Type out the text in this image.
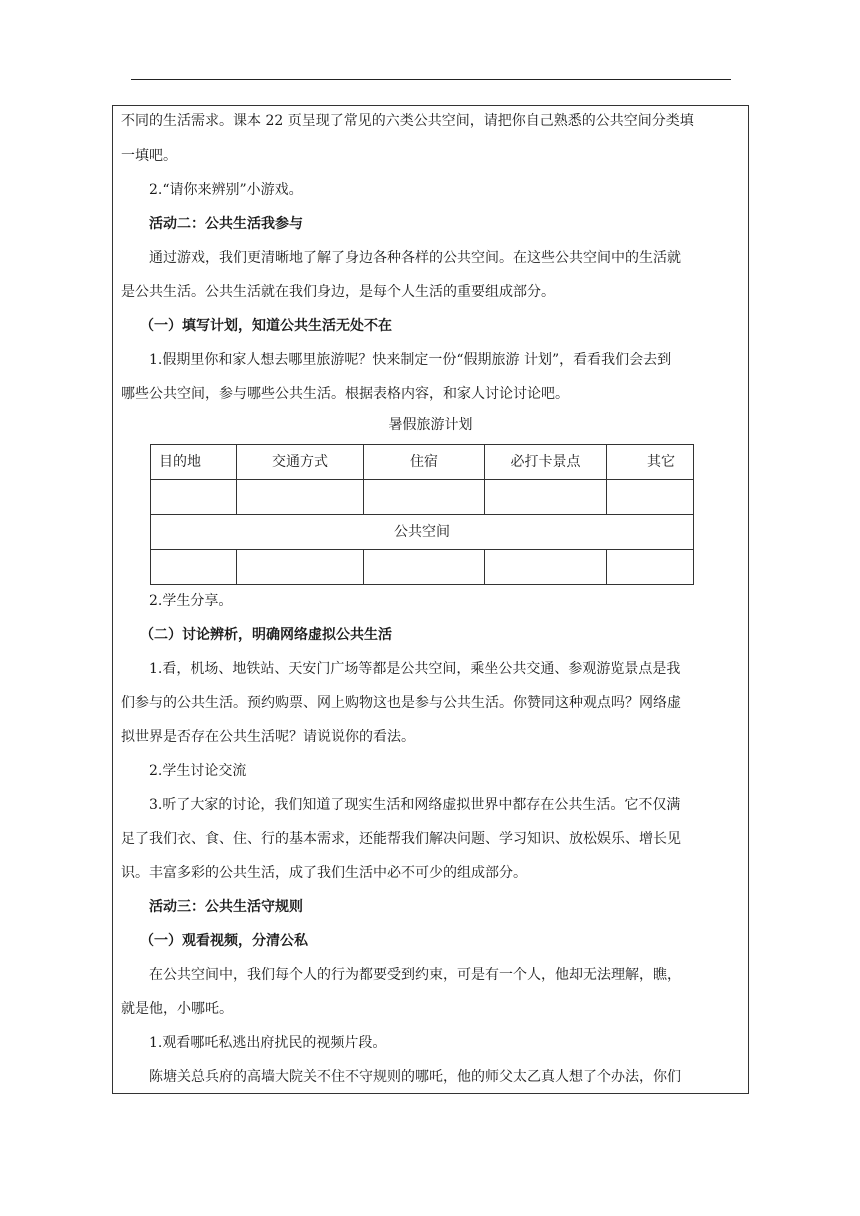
不同的生活需求。课本 22 页呈现了常见的六类公共空间，请把你自己熟悉的公共空间分类填
一填吧。
2.“请你来辨别”小游戏。
活动二：公共生活我参与
通过游戏，我们更清晰地了解了身边各种各样的公共空间。在这些公共空间中的生活就
是公共生活。公共生活就在我们身边，是每个人生活的重要组成部分。
（一）填写计划，知道公共生活无处不在
1.假期里你和家人想去哪里旅游呢？快来制定一份“假期旅游 计划”，看看我们会去到
哪些公共空间，参与哪些公共生活。根据表格内容，和家人讨论讨论吧。
暑假旅游计划
目的地	交通方式	住宿	必打卡景点	其它

公共空间				

2.学生分享。
（二）讨论辨析，明确网络虚拟公共生活
1.看，机场、地铁站、天安门广场等都是公共空间，乘坐公共交通、参观游览景点是我
们参与的公共生活。预约购票、网上购物这也是参与公共生活。你赞同这种观点吗？网络虚
拟世界是否存在公共生活呢？请说说你的看法。
2.学生讨论交流
3.听了大家的讨论，我们知道了现实生活和网络虚拟世界中都存在公共生活。它不仅满
足了我们衣、食、住、行的基本需求，还能帮我们解决问题、学习知识、放松娱乐、增长见
识。丰富多彩的公共生活，成了我们生活中必不可少的组成部分。
活动三：公共生活守规则
（一）观看视频，分清公私
在公共空间中，我们每个人的行为都要受到约束，可是有一个人，他却无法理解，瞧，
就是他，小哪吒。
1.观看哪吒私逃出府扰民的视频片段。
陈塘关总兵府的高墙大院关不住不守规则的哪吒，他的师父太乙真人想了个办法，你们
